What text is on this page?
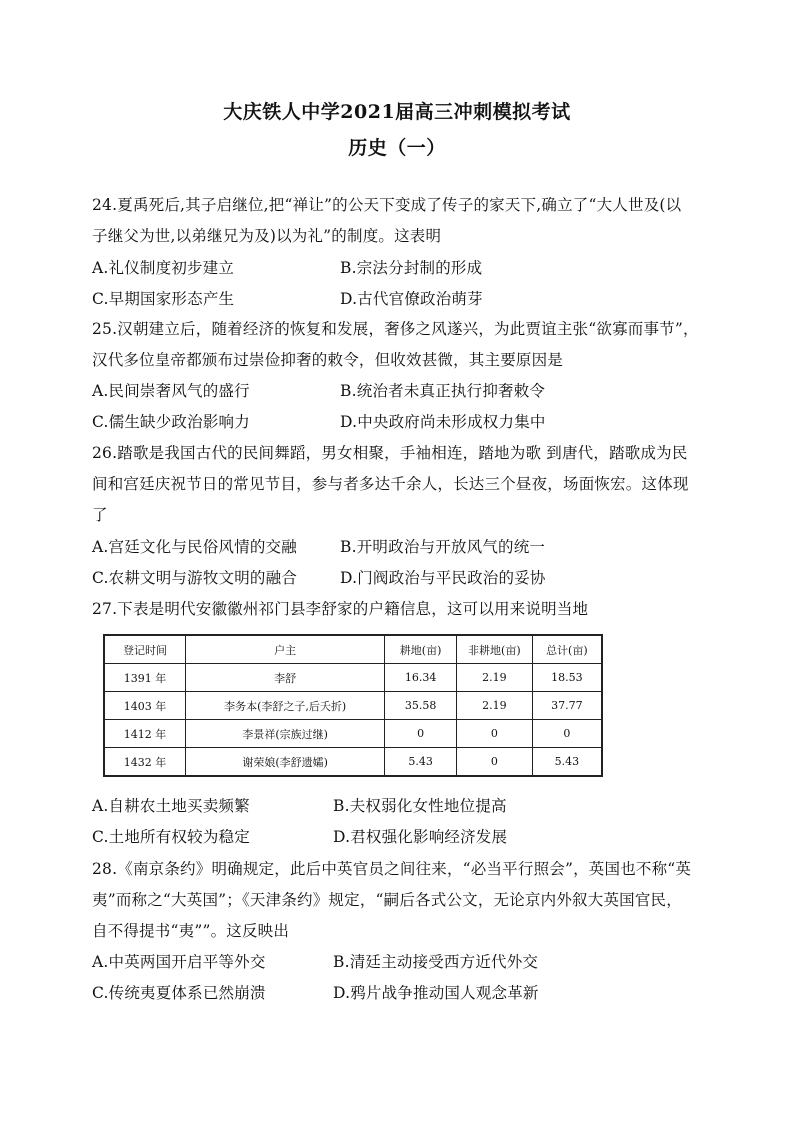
大庆铁人中学2021届高三冲刺模拟考试
历史（一）
24.夏禹死后,其子启继位,把“禅让”的公天下变成了传子的家天下,确立了“大人世及(以
子继父为世,以弟继兄为及)以为礼”的制度。这表明
A.礼仪制度初步建立	B.宗法分封制的形成
C.早期国家形态产生	D.古代官僚政治萌芽
25.汉朝建立后，随着经济的恢复和发展，奢侈之风遂兴，为此贾谊主张“欲寡而事节”，
汉代多位皇帝都颁布过崇俭抑奢的敕令，但收效甚微，其主要原因是
A.民间崇奢风气的盛行	B.统治者未真正执行抑奢敕令
C.儒生缺少政治影响力	D.中央政府尚未形成权力集中
26.踏歌是我国古代的民间舞蹈，男女相聚，手袖相连，踏地为歌 到唐代，踏歌成为民
间和宫廷庆祝节日的常见节目，参与者多达千余人，长达三个昼夜，场面恢宏。这体现
了
A.宫廷文化与民俗风情的交融	B.开明政治与开放风气的统一
C.农耕文明与游牧文明的融合	D.门阀政治与平民政治的妥协
27.下表是明代安徽徽州祁门县李舒家的户籍信息，这可以用来说明当地
登记时间	户主	耕地(亩)	非耕地(亩)	总计(亩)
1391 年	李舒	16.34	2.19	18.53
1403 年	李务本(李舒之子,后夭折)	35.58	2.19	37.77
1412 年	李景祥(宗族过继)	0	0	0
1432 年	谢荣娘(李舒遗孀)	5.43	0	5.43
A.自耕农土地买卖频繁	B.夫权弱化女性地位提高
C.土地所有权较为稳定	D.君权强化影响经济发展
28.《南京条约》明确规定，此后中英官员之间往来，“必当平行照会”，英国也不称“英
夷”而称之“大英国”；《天津条约》规定，“嗣后各式公文，无论京内外叙大英国官民，
自不得提书“夷””。这反映出
A.中英两国开启平等外交	B.清廷主动接受西方近代外交
C.传统夷夏体系已然崩溃	D.鸦片战争推动国人观念革新
